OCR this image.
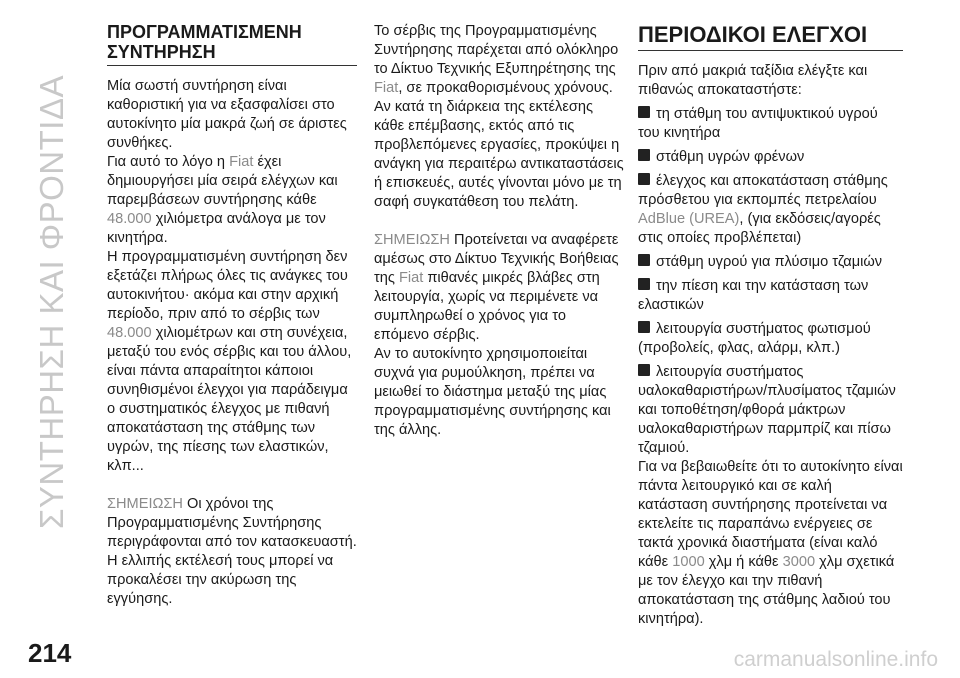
ΣΥΝΤΗΡΗΣΗ ΚΑΙ ΦΡΟΝΤΙΔΑ
ΠΡΟΓΡΑΜΜΑΤΙΣΜΕΝΗ ΣΥΝΤΗΡΗΣΗ

Μία σωστή συντήρηση είναι καθοριστική για να εξασφαλίσει στο αυτοκίνητο μία μακρά ζωή σε άριστες συνθήκες.

Για αυτό το λόγο η Fiat έχει δημιουργήσει μία σειρά ελέγχων και παρεμβάσεων συντήρησης κάθε 48.000 χιλιόμετρα ανάλογα με τον κινητήρα.

Η προγραμματισμένη συντήρηση δεν εξετάζει πλήρως όλες τις ανάγκες του αυτοκινήτου· ακόμα και στην αρχική περίοδο, πριν από το σέρβις των 48.000 χιλιομέτρων και στη συνέχεια, μεταξύ του ενός σέρβις και του άλλου, είναι πάντα απαραίτητοι κάποιοι συνηθισμένοι έλεγχοι για παράδειγμα ο συστηματικός έλεγχος με πιθανή αποκατάσταση της στάθμης των υγρών, της πίεσης των ελαστικών, κλπ...

ΣΗΜΕΙΩΣΗ Οι χρόνοι της Προγραμματισμένης Συντήρησης περιγράφονται από τον κατασκευαστή. Η ελλιπής εκτέλεσή τους μπορεί να προκαλέσει την ακύρωση της εγγύησης.

Το σέρβις της Προγραμματισμένης Συντήρησης παρέχεται από ολόκληρο το Δίκτυο Τεχνικής Εξυπηρέτησης της Fiat, σε προκαθορισμένους χρόνους.

Αν κατά τη διάρκεια της εκτέλεσης κάθε επέμβασης, εκτός από τις προβλεπόμενες εργασίες, προκύψει η ανάγκη για περαιτέρω αντικαταστάσεις ή επισκευές, αυτές γίνονται μόνο με τη σαφή συγκατάθεση του πελάτη.

ΣΗΜΕΙΩΣΗ Προτείνεται να αναφέρετε αμέσως στο Δίκτυο Τεχνικής Βοήθειας της Fiat πιθανές μικρές βλάβες στη λειτουργία, χωρίς να περιμένετε να συμπληρωθεί ο χρόνος για το επόμενο σέρβις.

Αν το αυτοκίνητο χρησιμοποιείται συχνά για ρυμούλκηση, πρέπει να μειωθεί το διάστημα μεταξύ της μίας προγραμματισμένης συντήρησης και της άλλης.

ΠΕΡΙΟΔΙΚΟΙ ΕΛΕΓΧΟΙ

Πριν από μακριά ταξίδια ελέγξτε και πιθανώς αποκαταστήστε:

τη στάθμη του αντιψυκτικού υγρού του κινητήρα

στάθμη υγρών φρένων

έλεγχος και αποκατάσταση στάθμης πρόσθετου για εκπομπές πετρελαίου AdBlue (UREA), (για εκδόσεις/αγορές στις οποίες προβλέπεται)

στάθμη υγρού για πλύσιμο τζαμιών

την πίεση και την κατάσταση των ελαστικών

λειτουργία συστήματος φωτισμού (προβολείς, φλας, αλάρμ, κλπ.)

λειτουργία συστήματος υαλοκαθαριστήρων/πλυσίματος τζαμιών και τοποθέτηση/φθορά μάκτρων υαλοκαθαριστήρων παρμπρίζ και πίσω τζαμιού.

Για να βεβαιωθείτε ότι το αυτοκίνητο είναι πάντα λειτουργικό και σε καλή κατάσταση συντήρησης προτείνεται να εκτελείτε τις παραπάνω ενέργειες σε τακτά χρονικά διαστήματα (είναι καλό κάθε 1000 χλμ ή κάθε 3000 χλμ σχετικά με τον έλεγχο και την πιθανή αποκατάσταση της στάθμης λαδιού του κινητήρα).

214	carmanualsonline.info
